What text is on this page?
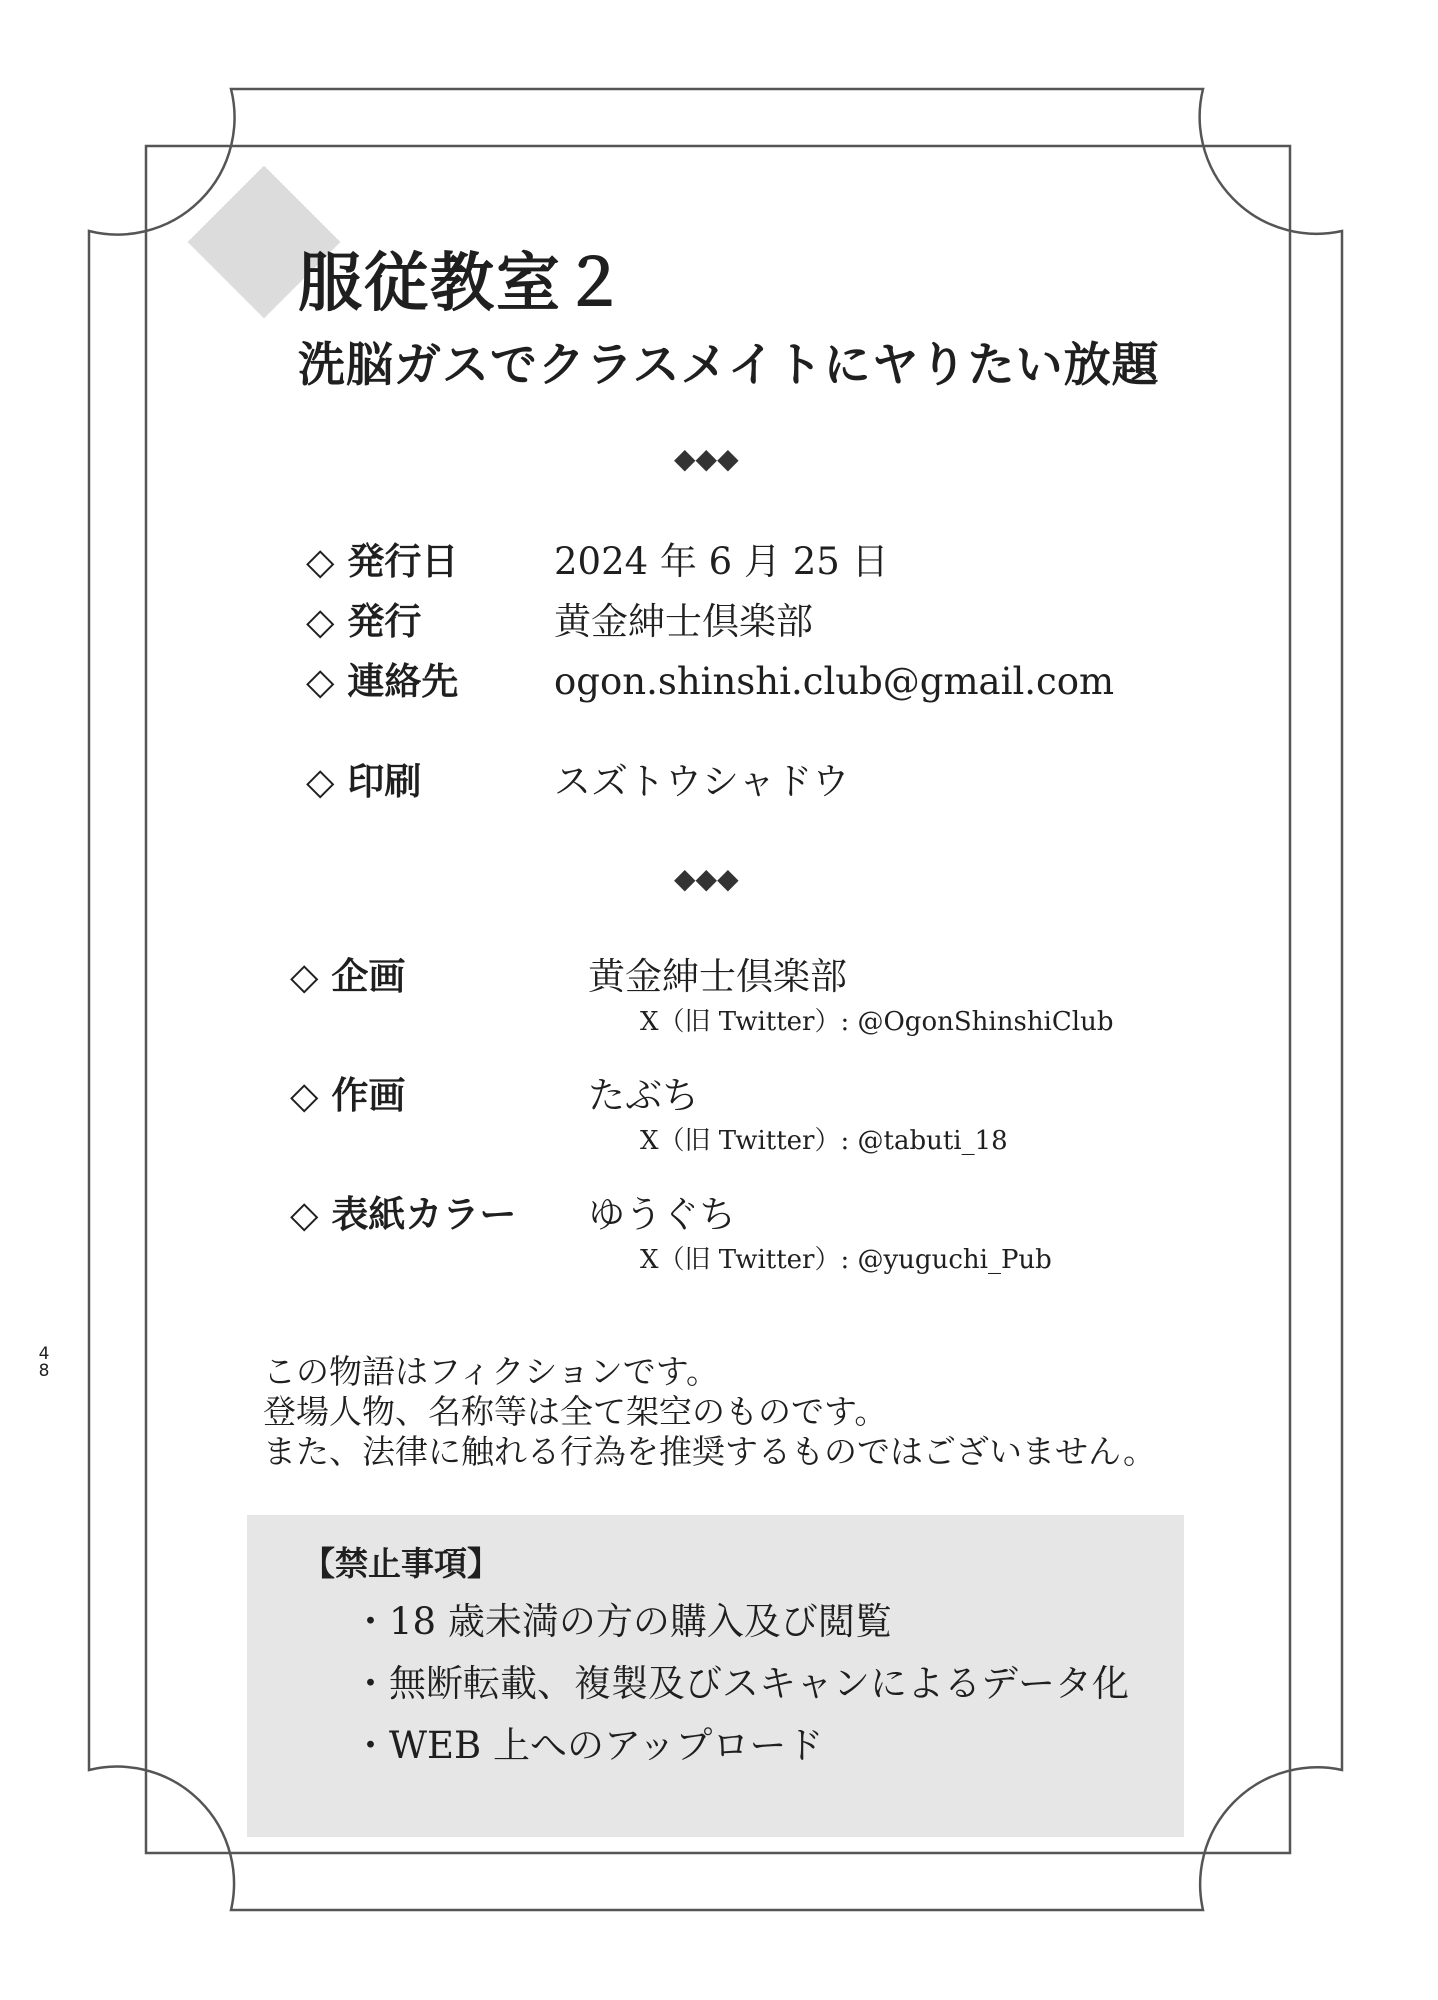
服従教室２
洗脳ガスでクラスメイトにヤりたい放題
◆◆◆
◇ 発行日	2024 年 6 月 25 日
◇ 発行	黄金紳士倶楽部
◇ 連絡先	ogon.shinshi.club@gmail.com
◇ 印刷	スズトウシャドウ
◆◆◆
◇ 企画	黄金紳士倶楽部
X（旧 Twitter）: @OgonShinshiClub
◇ 作画	たぶち
X（旧 Twitter）: @tabuti_18
◇ 表紙カラー ゆうぐち
X（旧 Twitter）: @yuguchi_Pub
この物語はフィクションです。
登場人物、名称等は全て架空のものです。
また、法律に触れる行為を推奨するものではございません。
【禁止事項】
・18 歳未満の方の購入及び閲覧
・無断転載、複製及びスキャンによるデータ化
・WEB 上へのアップロード
4
8
